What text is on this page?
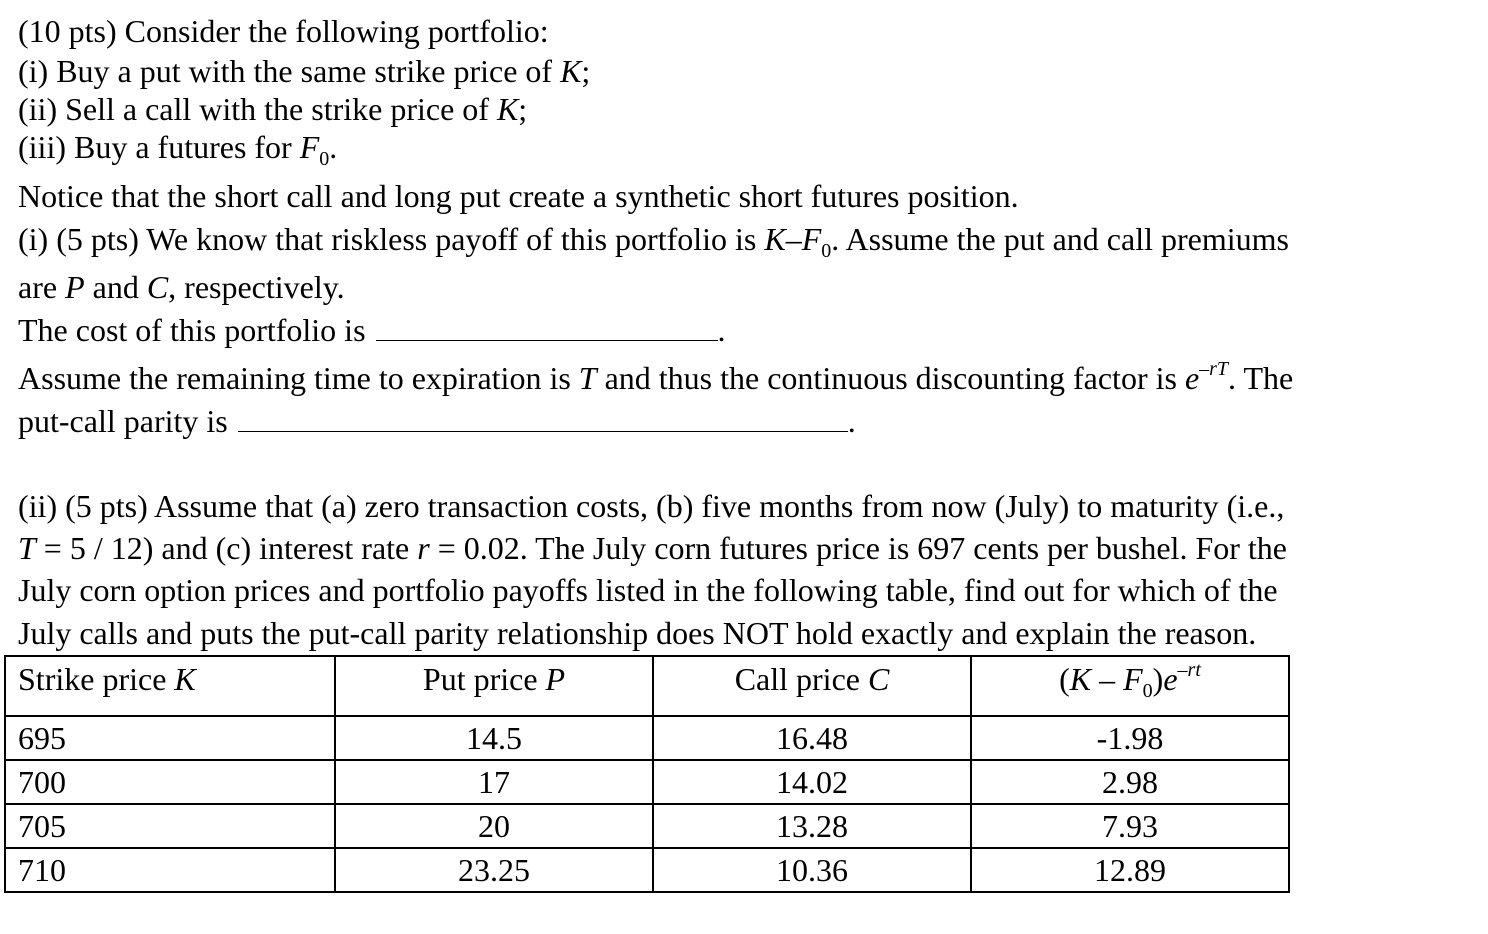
(10 pts) Consider the following portfolio:
(i) Buy a put with the same strike price of K;
(ii) Sell a call with the strike price of K;
(iii) Buy a futures for $F_0$.
Notice that the short call and long put create a synthetic short futures position.
(i) (5 pts) We know that riskless payoff of this portfolio is $K-F_0$. Assume the put and call premiums
are P and C, respectively.
The cost of this portfolio is	.
Assume the remaining time to expiration is T and thus the continuous discounting factor is $e^{-rT}$. The
put-call parity is	.
(ii) (5 pts) Assume that (a) zero transaction costs, (b) five months from now (July) to maturity (i.e.,
T = 5 / 12) and (c) interest rate r = 0.02. The July corn futures price is 697 cents per bushel. For the
July corn option prices and portfolio payoffs listed in the following table, find out for which of the
July calls and puts the put-call parity relationship does NOT hold exactly and explain the reason.
Strike price K	Put price P	Call price C	$(K - F_0)e^{-rt}$
695	14.5	16.48	-1.98
700	17	14.02	2.98
705	20	13.28	7.93
710	23.25	10.36	12.89
